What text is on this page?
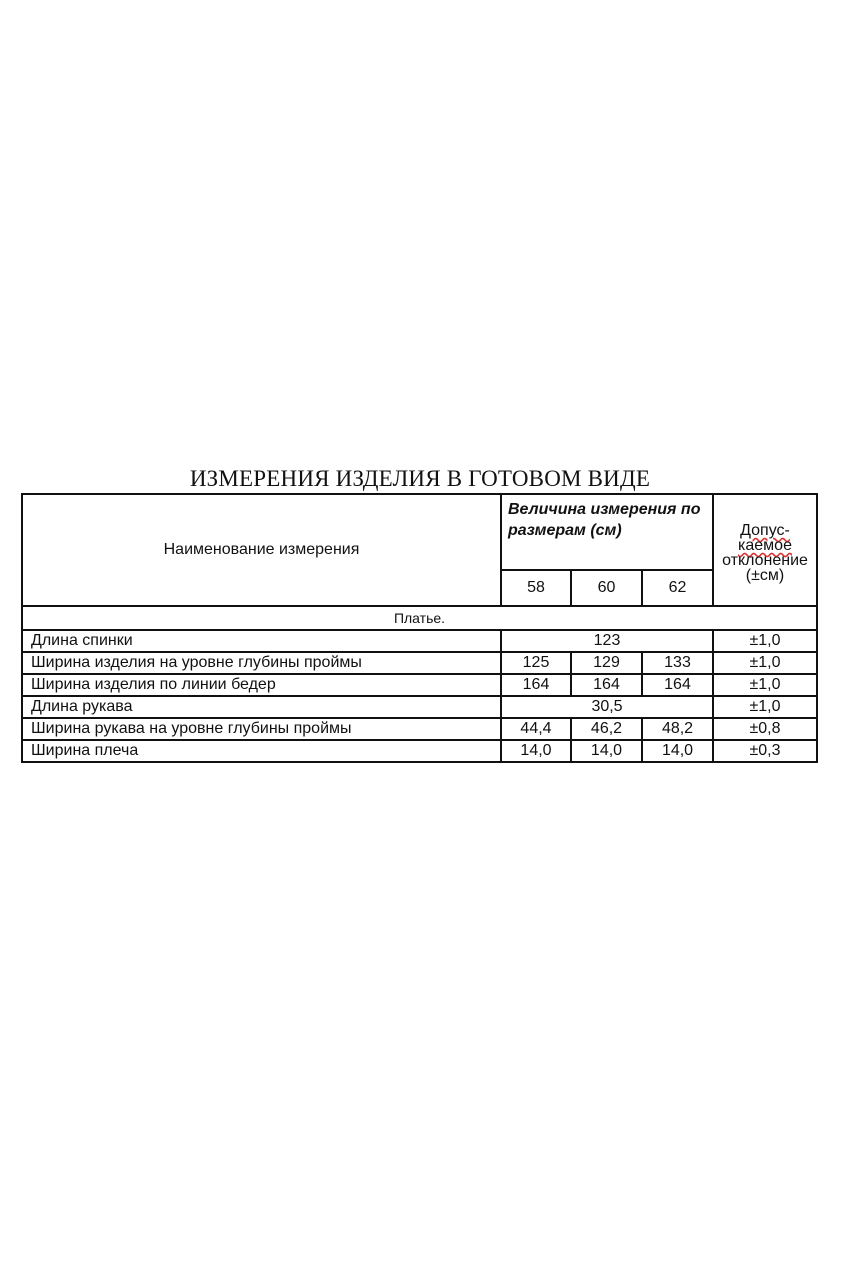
ИЗМЕРЕНИЯ ИЗДЕЛИЯ В ГОТОВОМ ВИДЕ
Наименование измерения	Величина измерения по размерам (см)			Допус-
каемое
отклонение
(±см)

	58	60	62	
Платье.				
Длина спинки	123			±1,0
Ширина изделия на уровне глубины проймы	125	129	133	±1,0
Ширина изделия по линии бедер	164	164	164	±1,0
Длина рукава	30,5			±1,0
Ширина рукава на уровне глубины проймы	44,4	46,2	48,2	±0,8
Ширина плеча	14,0	14,0	14,0	±0,3
